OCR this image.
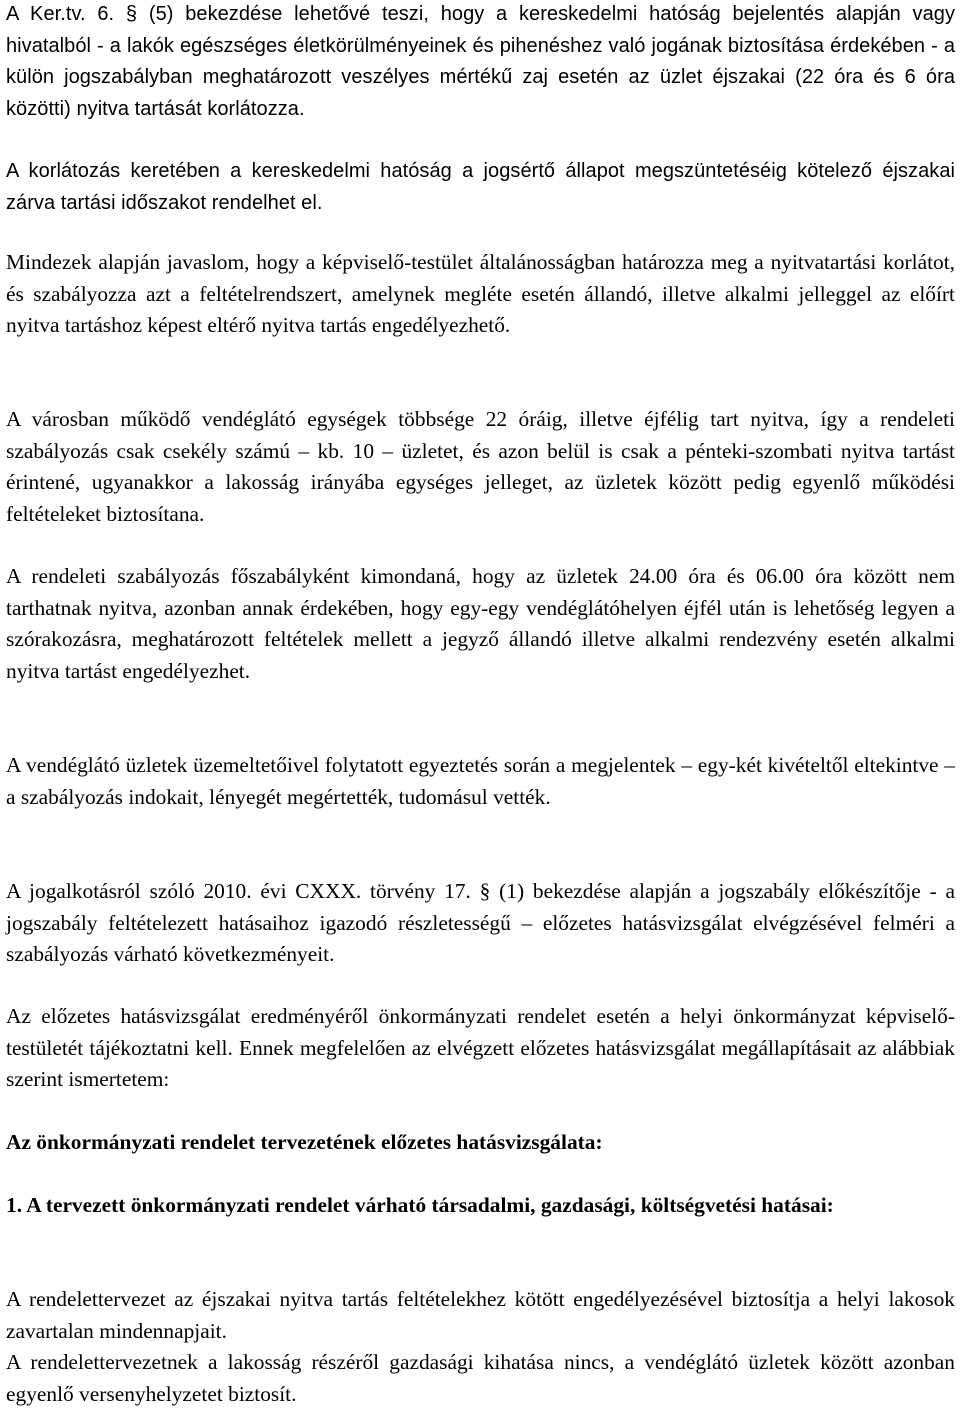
A Ker.tv. 6. § (5) bekezdése lehetővé teszi, hogy a kereskedelmi hatóság bejelentés alapján vagy hivatalból - a lakók egészséges életkörülményeinek és pihenéshez való jogának biztosítása érdekében - a külön jogszabályban meghatározott veszélyes mértékű zaj esetén az üzlet éjszakai (22 óra és 6 óra közötti) nyitva tartását korlátozza.

A korlátozás keretében a kereskedelmi hatóság a jogsértő állapot megszüntetéséig kötelező éjszakai zárva tartási időszakot rendelhet el.

Mindezek alapján javaslom, hogy a képviselő-testület általánosságban határozza meg a nyitvatartási korlátot, és szabályozza azt a feltételrendszert, amelynek megléte esetén állandó, illetve alkalmi jelleggel az előírt nyitva tartáshoz képest eltérő nyitva tartás engedélyezhető.

A városban működő vendéglátó egységek többsége 22 óráig, illetve éjfélig tart nyitva, így a rendeleti szabályozás csak csekély számú – kb. 10 – üzletet, és azon belül is csak a pénteki-szombati nyitva tartást érintené, ugyanakkor a lakosság irányába egységes jelleget, az üzletek között pedig egyenlő működési feltételeket biztosítana.

A rendeleti szabályozás főszabályként kimondaná, hogy az üzletek 24.00 óra és 06.00 óra között nem tarthatnak nyitva, azonban annak érdekében, hogy egy-egy vendéglátóhelyen éjfél után is lehetőség legyen a szórakozásra, meghatározott feltételek mellett a jegyző állandó illetve alkalmi rendezvény esetén alkalmi nyitva tartást engedélyezhet.

A vendéglátó üzletek üzemeltetőivel folytatott egyeztetés során a megjelentek – egy-két kivételtől eltekintve – a szabályozás indokait, lényegét megértették, tudomásul vették.

A jogalkotásról szóló 2010. évi CXXX. törvény 17. § (1) bekezdése alapján a jogszabály előkészítője - a jogszabály feltételezett hatásaihoz igazodó részletességű – előzetes hatásvizsgálat elvégzésével felméri a szabályozás várható következményeit.

Az előzetes hatásvizsgálat eredményéről önkormányzati rendelet esetén a helyi önkormányzat képviselő-testületét tájékoztatni kell. Ennek megfelelően az elvégzett előzetes hatásvizsgálat megállapításait az alábbiak szerint ismertetem:

Az önkormányzati rendelet tervezetének előzetes hatásvizsgálata:

1. A tervezett önkormányzati rendelet várható társadalmi, gazdasági, költségvetési hatásai:

A rendelettervezet az éjszakai nyitva tartás feltételekhez kötött engedélyezésével biztosítja a helyi lakosok zavartalan mindennapjait.

A rendelettervezetnek a lakosság részéről gazdasági kihatása nincs, a vendéglátó üzletek között azonban egyenlő versenyhelyzetet biztosít.
